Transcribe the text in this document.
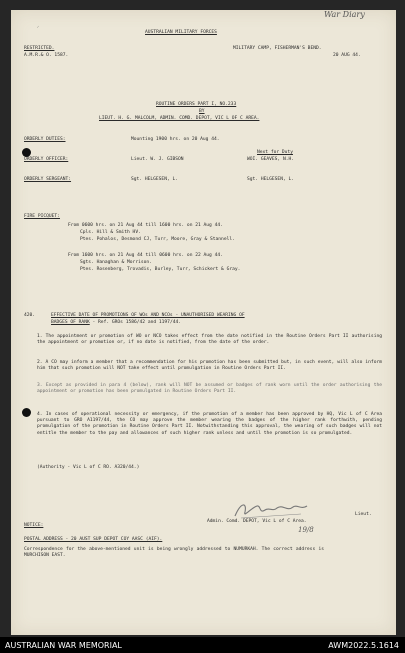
War Diary
✓
AUSTRALIAN MILITARY FORCES
RESTRICTED.
A.M.R.& O. 1587.
MILITARY CAMP, FISHERMAN'S BEND.
20 AUG 44.
ROUTINE ORDERS PART I, NO.233
BY
LIEUT. H. G. MALCOLM, ADMIN. COMD. DEPOT, VIC L OF C AREA.
ORDERLY DUTIES:	Mounting 1900 hrs. on 20 Aug 44.
Next for Duty
ORDERLY OFFICER:	Lieut. W. J. GIBSON	WOI. GEAVES, N.H.
ORDERLY SERGEANT:	Sgt. HELGESEN, L.	Sgt. HELGESEN, L.
FIRE PICQUET:
From 0600 hrs. on 21 Aug 44 till 1600 hrs. on 21 Aug 44.
Cpls. Hill & Smith HV.
Ptes. Pohalos, Desmond CJ, Turr, Moore, Gray & Stannell.
From 1600 hrs. on 21 Aug 44 till 0600 hrs. on 22 Aug 44.
Sgts. Hanaghan & Morrison.
Ptes. Rosenberg, Trovadis, Burley, Turr, Schickert & Gray.
420.	EFFECTIVE DATE OF PROMOTIONS OF WOs AND NCOs - UNAUTHORISED WEARING OF
BADGES OF RANK - Ref. GROs 1586/42 and 1197/44.
1. The appointment or promotion of WO or NCO takes effect from the date notified in the Routine Orders Part II authorising the appointment or promotion or, if no date is notified, from the date of the order.
2. A CO may inform a member that a recommendation for his promotion has been submitted but, in such event, will also inform him that such promotion will NOT take effect until promulgation in Routine Orders Part II.
3. Except as provided in para 4 (below), rank will NOT be assumed or badges of rank worn until the order authorising the appointment or promotion has been promulgated in Routine Orders Part II.
4. In cases of operational necessity or emergency, if the promotion of a member has been approved by HQ, Vic L of C Area pursuant to GRO A1197/44, the CO may approve the member wearing the badges of the higher rank forthwith, pending promulgation of the promotion in Routine Orders Part II. Notwithstanding this approval, the wearing of such badges will not entitle the member to the pay and allowances of such higher rank unless and until the promotion is so promulgated.
(Authority - Vic L of C RO. A320/44.)
Lieut.
Admin. Comd. DEPOT, Vic L of C Area.
19/8
NOTICE:
POSTAL ADDRESS - 20 AUST SUP DEPOT COY AASC (AIF).
Correspondence for the above-mentioned unit is being wrongly addressed to NUMURKAH. The correct address is MURCHISON EAST.
AUSTRALIAN WAR MEMORIAL	AWM2022.5.1614
